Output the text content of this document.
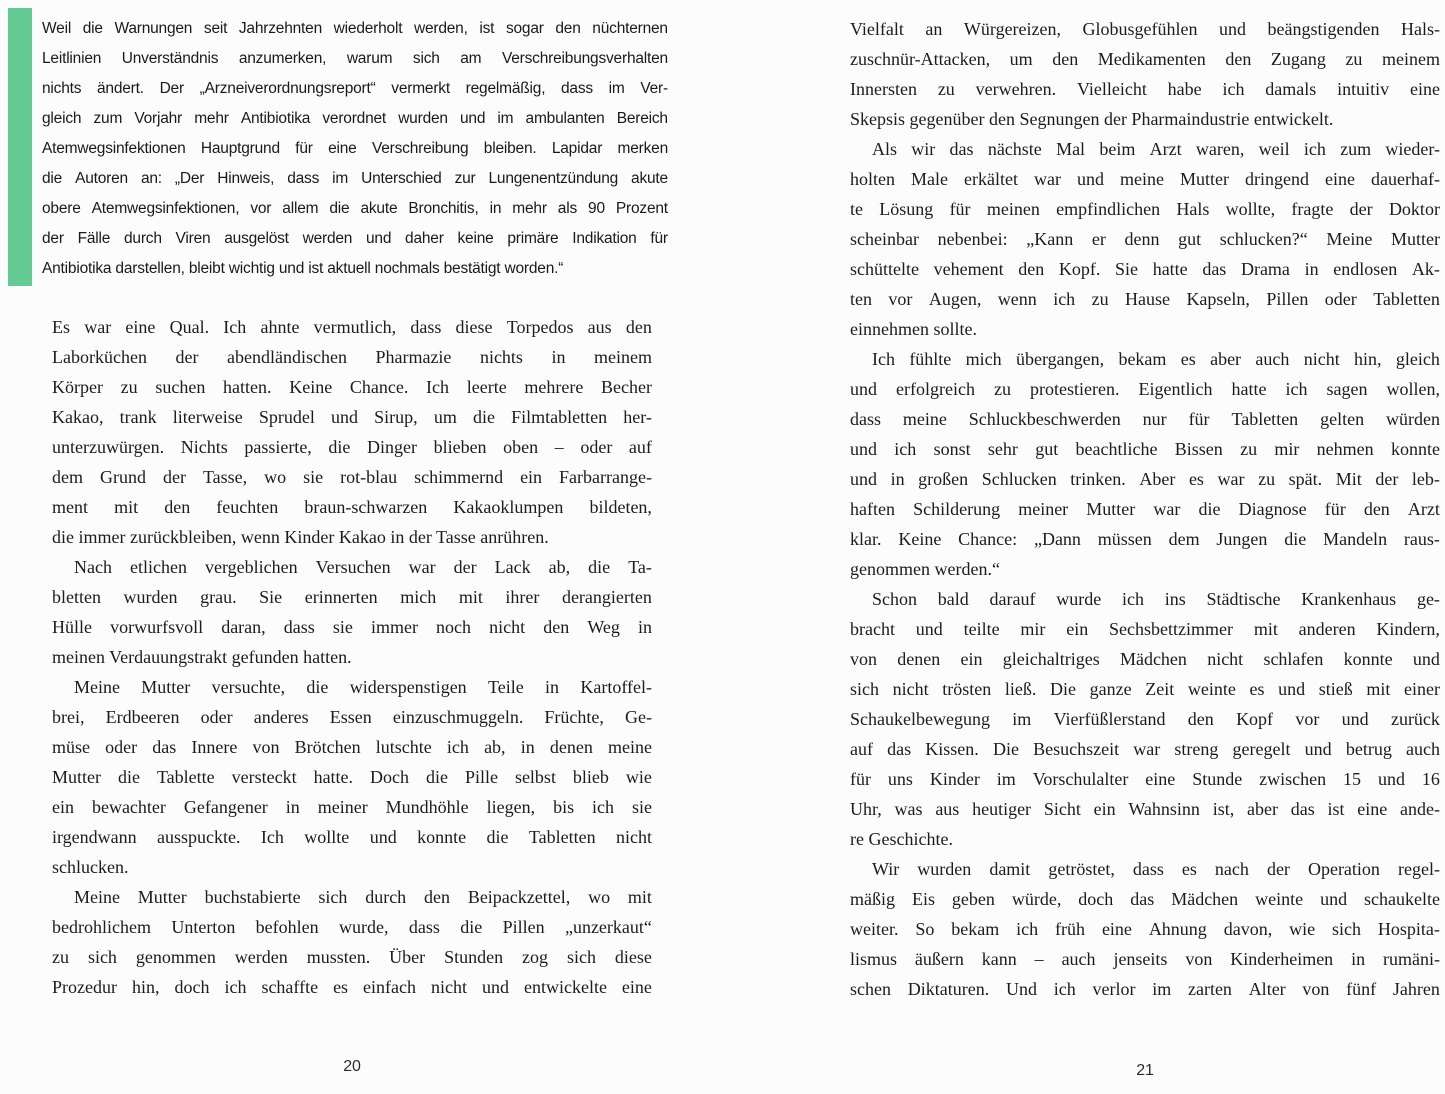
Weil die Warnungen seit Jahrzehnten wiederholt werden, ist sogar den nüchternen
Leitlinien Unverständnis anzumerken, warum sich am Verschreibungsverhalten
nichts ändert. Der „Arzneiverordnungsreport“ vermerkt regelmäßig, dass im Ver-
gleich zum Vorjahr mehr Antibiotika verordnet wurden und im ambulanten Bereich
Atemwegsinfektionen Hauptgrund für eine Verschreibung bleiben. Lapidar merken
die Autoren an: „Der Hinweis, dass im Unterschied zur Lungenentzündung akute
obere Atemwegsinfektionen, vor allem die akute Bronchitis, in mehr als 90 Prozent
der Fälle durch Viren ausgelöst werden und daher keine primäre Indikation für
Antibiotika darstellen, bleibt wichtig und ist aktuell nochmals bestätigt worden.“
Es war eine Qual. Ich ahnte vermutlich, dass diese Torpedos aus den
Laborküchen der abendländischen Pharmazie nichts in meinem
Körper zu suchen hatten. Keine Chance. Ich leerte mehrere Becher
Kakao, trank literweise Sprudel und Sirup, um die Filmtabletten her-
unterzuwürgen. Nichts passierte, die Dinger blieben oben – oder auf
dem Grund der Tasse, wo sie rot-blau schimmernd ein Farbarrange-
ment mit den feuchten braun-schwarzen Kakaoklumpen bildeten,
die immer zurückbleiben, wenn Kinder Kakao in der Tasse anrühren.
Nach etlichen vergeblichen Versuchen war der Lack ab, die Ta-
bletten wurden grau. Sie erinnerten mich mit ihrer derangierten
Hülle vorwurfsvoll daran, dass sie immer noch nicht den Weg in
meinen Verdauungstrakt gefunden hatten.
Meine Mutter versuchte, die widerspenstigen Teile in Kartoffel-
brei, Erdbeeren oder anderes Essen einzuschmuggeln. Früchte, Ge-
müse oder das Innere von Brötchen lutschte ich ab, in denen meine
Mutter die Tablette versteckt hatte. Doch die Pille selbst blieb wie
ein bewachter Gefangener in meiner Mundhöhle liegen, bis ich sie
irgendwann ausspuckte. Ich wollte und konnte die Tabletten nicht
schlucken.
Meine Mutter buchstabierte sich durch den Beipackzettel, wo mit
bedrohlichem Unterton befohlen wurde, dass die Pillen „unzerkaut“
zu sich genommen werden mussten. Über Stunden zog sich diese
Prozedur hin, doch ich schaffte es einfach nicht und entwickelte eine
Vielfalt an Würgereizen, Globusgefühlen und beängstigenden Hals-
zuschnür-Attacken, um den Medikamenten den Zugang zu meinem
Innersten zu verwehren. Vielleicht habe ich damals intuitiv eine
Skepsis gegenüber den Segnungen der Pharmaindustrie entwickelt.
Als wir das nächste Mal beim Arzt waren, weil ich zum wieder-
holten Male erkältet war und meine Mutter dringend eine dauerhaf-
te Lösung für meinen empfindlichen Hals wollte, fragte der Doktor
scheinbar nebenbei: „Kann er denn gut schlucken?“ Meine Mutter
schüttelte vehement den Kopf. Sie hatte das Drama in endlosen Ak-
ten vor Augen, wenn ich zu Hause Kapseln, Pillen oder Tabletten
einnehmen sollte.
Ich fühlte mich übergangen, bekam es aber auch nicht hin, gleich
und erfolgreich zu protestieren. Eigentlich hatte ich sagen wollen,
dass meine Schluckbeschwerden nur für Tabletten gelten würden
und ich sonst sehr gut beachtliche Bissen zu mir nehmen konnte
und in großen Schlucken trinken. Aber es war zu spät. Mit der leb-
haften Schilderung meiner Mutter war die Diagnose für den Arzt
klar. Keine Chance: „Dann müssen dem Jungen die Mandeln raus-
genommen werden.“
Schon bald darauf wurde ich ins Städtische Krankenhaus ge-
bracht und teilte mir ein Sechsbettzimmer mit anderen Kindern,
von denen ein gleichaltriges Mädchen nicht schlafen konnte und
sich nicht trösten ließ. Die ganze Zeit weinte es und stieß mit einer
Schaukelbewegung im Vierfüßlerstand den Kopf vor und zurück
auf das Kissen. Die Besuchszeit war streng geregelt und betrug auch
für uns Kinder im Vorschulalter eine Stunde zwischen 15 und 16
Uhr, was aus heutiger Sicht ein Wahnsinn ist, aber das ist eine ande-
re Geschichte.
Wir wurden damit getröstet, dass es nach der Operation regel-
mäßig Eis geben würde, doch das Mädchen weinte und schaukelte
weiter. So bekam ich früh eine Ahnung davon, wie sich Hospita-
lismus äußern kann – auch jenseits von Kinderheimen in rumäni-
schen Diktaturen. Und ich verlor im zarten Alter von fünf Jahren
20	21
